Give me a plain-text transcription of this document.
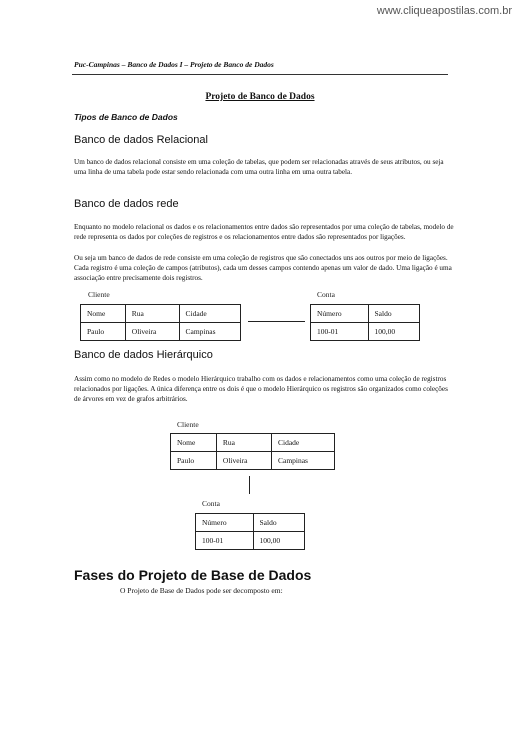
www.cliqueapostilas.com.br
Puc-Campinas – Banco de Dados I – Projeto de Banco de Dados
Projeto de Banco de Dados
Tipos de Banco de Dados
Banco de dados Relacional

Um banco de dados relacional consiste em uma coleção de tabelas, que podem ser relacionadas através de seus atributos, ou seja uma linha de uma tabela pode estar sendo relacionada com uma outra linha em uma outra tabela.

Banco de dados rede

Enquanto no modelo relacional os dados e os relacionamentos entre dados são representados por uma coleção de tabelas, modelo de rede representa os dados por coleções de registros e os relacionamentos entre dados são representados por ligações.

Ou seja um banco de dados de rede consiste em uma coleção de registros que são conectados uns aos outros por meio de ligações. Cada registro é uma coleção de campos (atributos), cada um desses campos contendo apenas um valor de dado. Uma ligação é uma associação entre precisamente dois registros.

Cliente
Nome	Rua	Cidade
Paulo	Oliveira	Campinas
Conta
Número	Saldo
100-01	100,00
Banco de dados Hierárquico

Assim como no modelo de Redes o modelo Hierárquico trabalho com os dados e relacionamentos como uma coleção de registros relacionados por ligações. A única diferença entre os dois é que o modelo Hierárquico os registros são organizados como coleções de árvores em vez de grafos arbitrários.

Cliente
Nome	Rua	Cidade
Paulo	Oliveira	Campinas
Conta
Número	Saldo
100-01	100,00
Fases do Projeto de Base de Dados
O Projeto de Base de Dados pode ser decomposto em:
